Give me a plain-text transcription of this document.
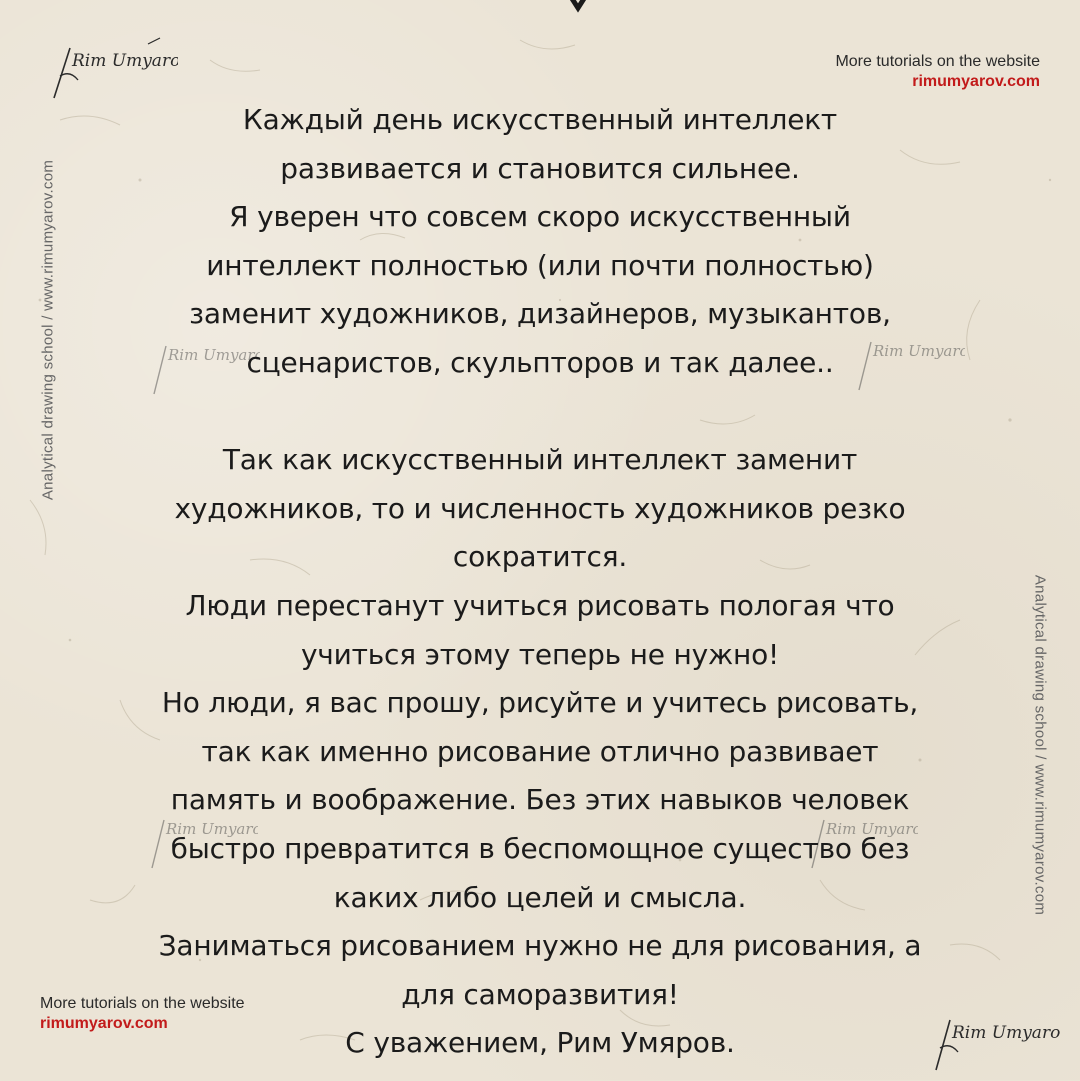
Rim Umyar	More tutorials on the website
rimumyarov.com
Analytical drawing school / www.rimumyarov.com
Analytical drawing school / www.rimumyarov.com
Rim Umyar	Rim Umyar
Rim Umyar	Rim Umyar
Каждый день искусственный интеллект
развивается и становится сильнее.
Я уверен что совсем скоро искусственный
интеллект полностью (или почти полностью)
заменит художников, дизайнеров, музыкантов,
сценаристов, скульпторов и так далее..
Так как искусственный интеллект заменит
художников, то и численность художников резко
сократится.
Люди перестанут учиться рисовать пологая что
учиться этому теперь не нужно!
Но люди, я вас прошу, рисуйте и учитесь рисовать,
так как именно рисование отлично развивает
память и воображение. Без этих навыков человек
быстро превратится в беспомощное существо без
каких либо целей и смысла.
Заниматься рисованием нужно не для рисования, а
для саморазвития!
С уважением, Рим Умяров.
More tutorials on the website
rimumyarov.com	Rim Umyarov
